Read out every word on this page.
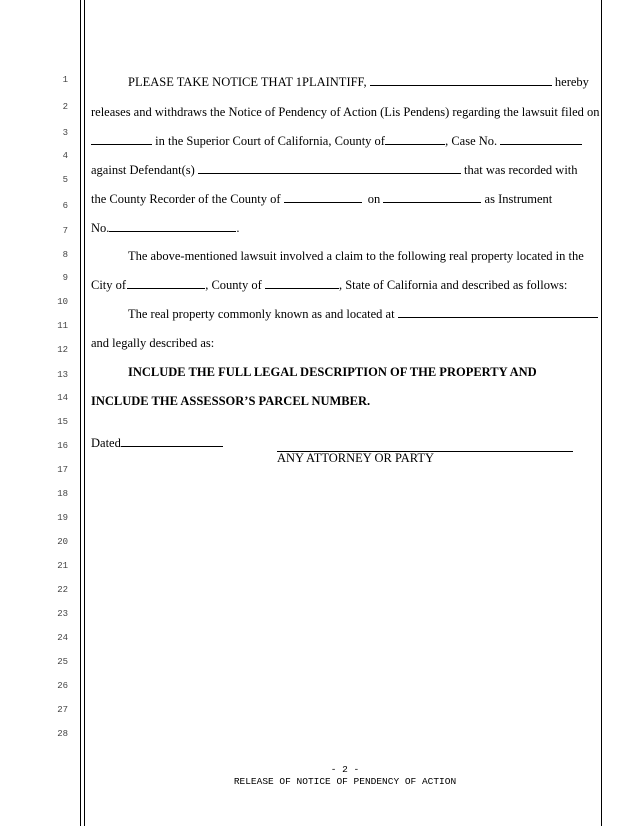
1
2
3
4
5
6
7
8
9
10
11
12
13
14
15
16
17
18
19
20
21
22
23
24
25
26
27
28
PLEASE TAKE NOTICE THAT 1PLAINTIFF,	hereby
releases and withdraws the Notice of Pendency of Action (Lis Pendens) regarding the lawsuit filed on
in the Superior Court of California, County of	, Case No.
against Defendant(s)	that was recorded with
the County Recorder of the County of	on	as Instrument
No.	.
The above-mentioned lawsuit involved a claim to the following real property located in the
City of	, County of	, State of California and described as follows:
The real property commonly known as and located at
and legally described as:
INCLUDE THE FULL LEGAL DESCRIPTION OF THE PROPERTY AND
INCLUDE THE ASSESSOR’S PARCEL NUMBER.
Dated
ANY ATTORNEY OR PARTY
- 2 -
RELEASE OF NOTICE OF PENDENCY OF ACTION
